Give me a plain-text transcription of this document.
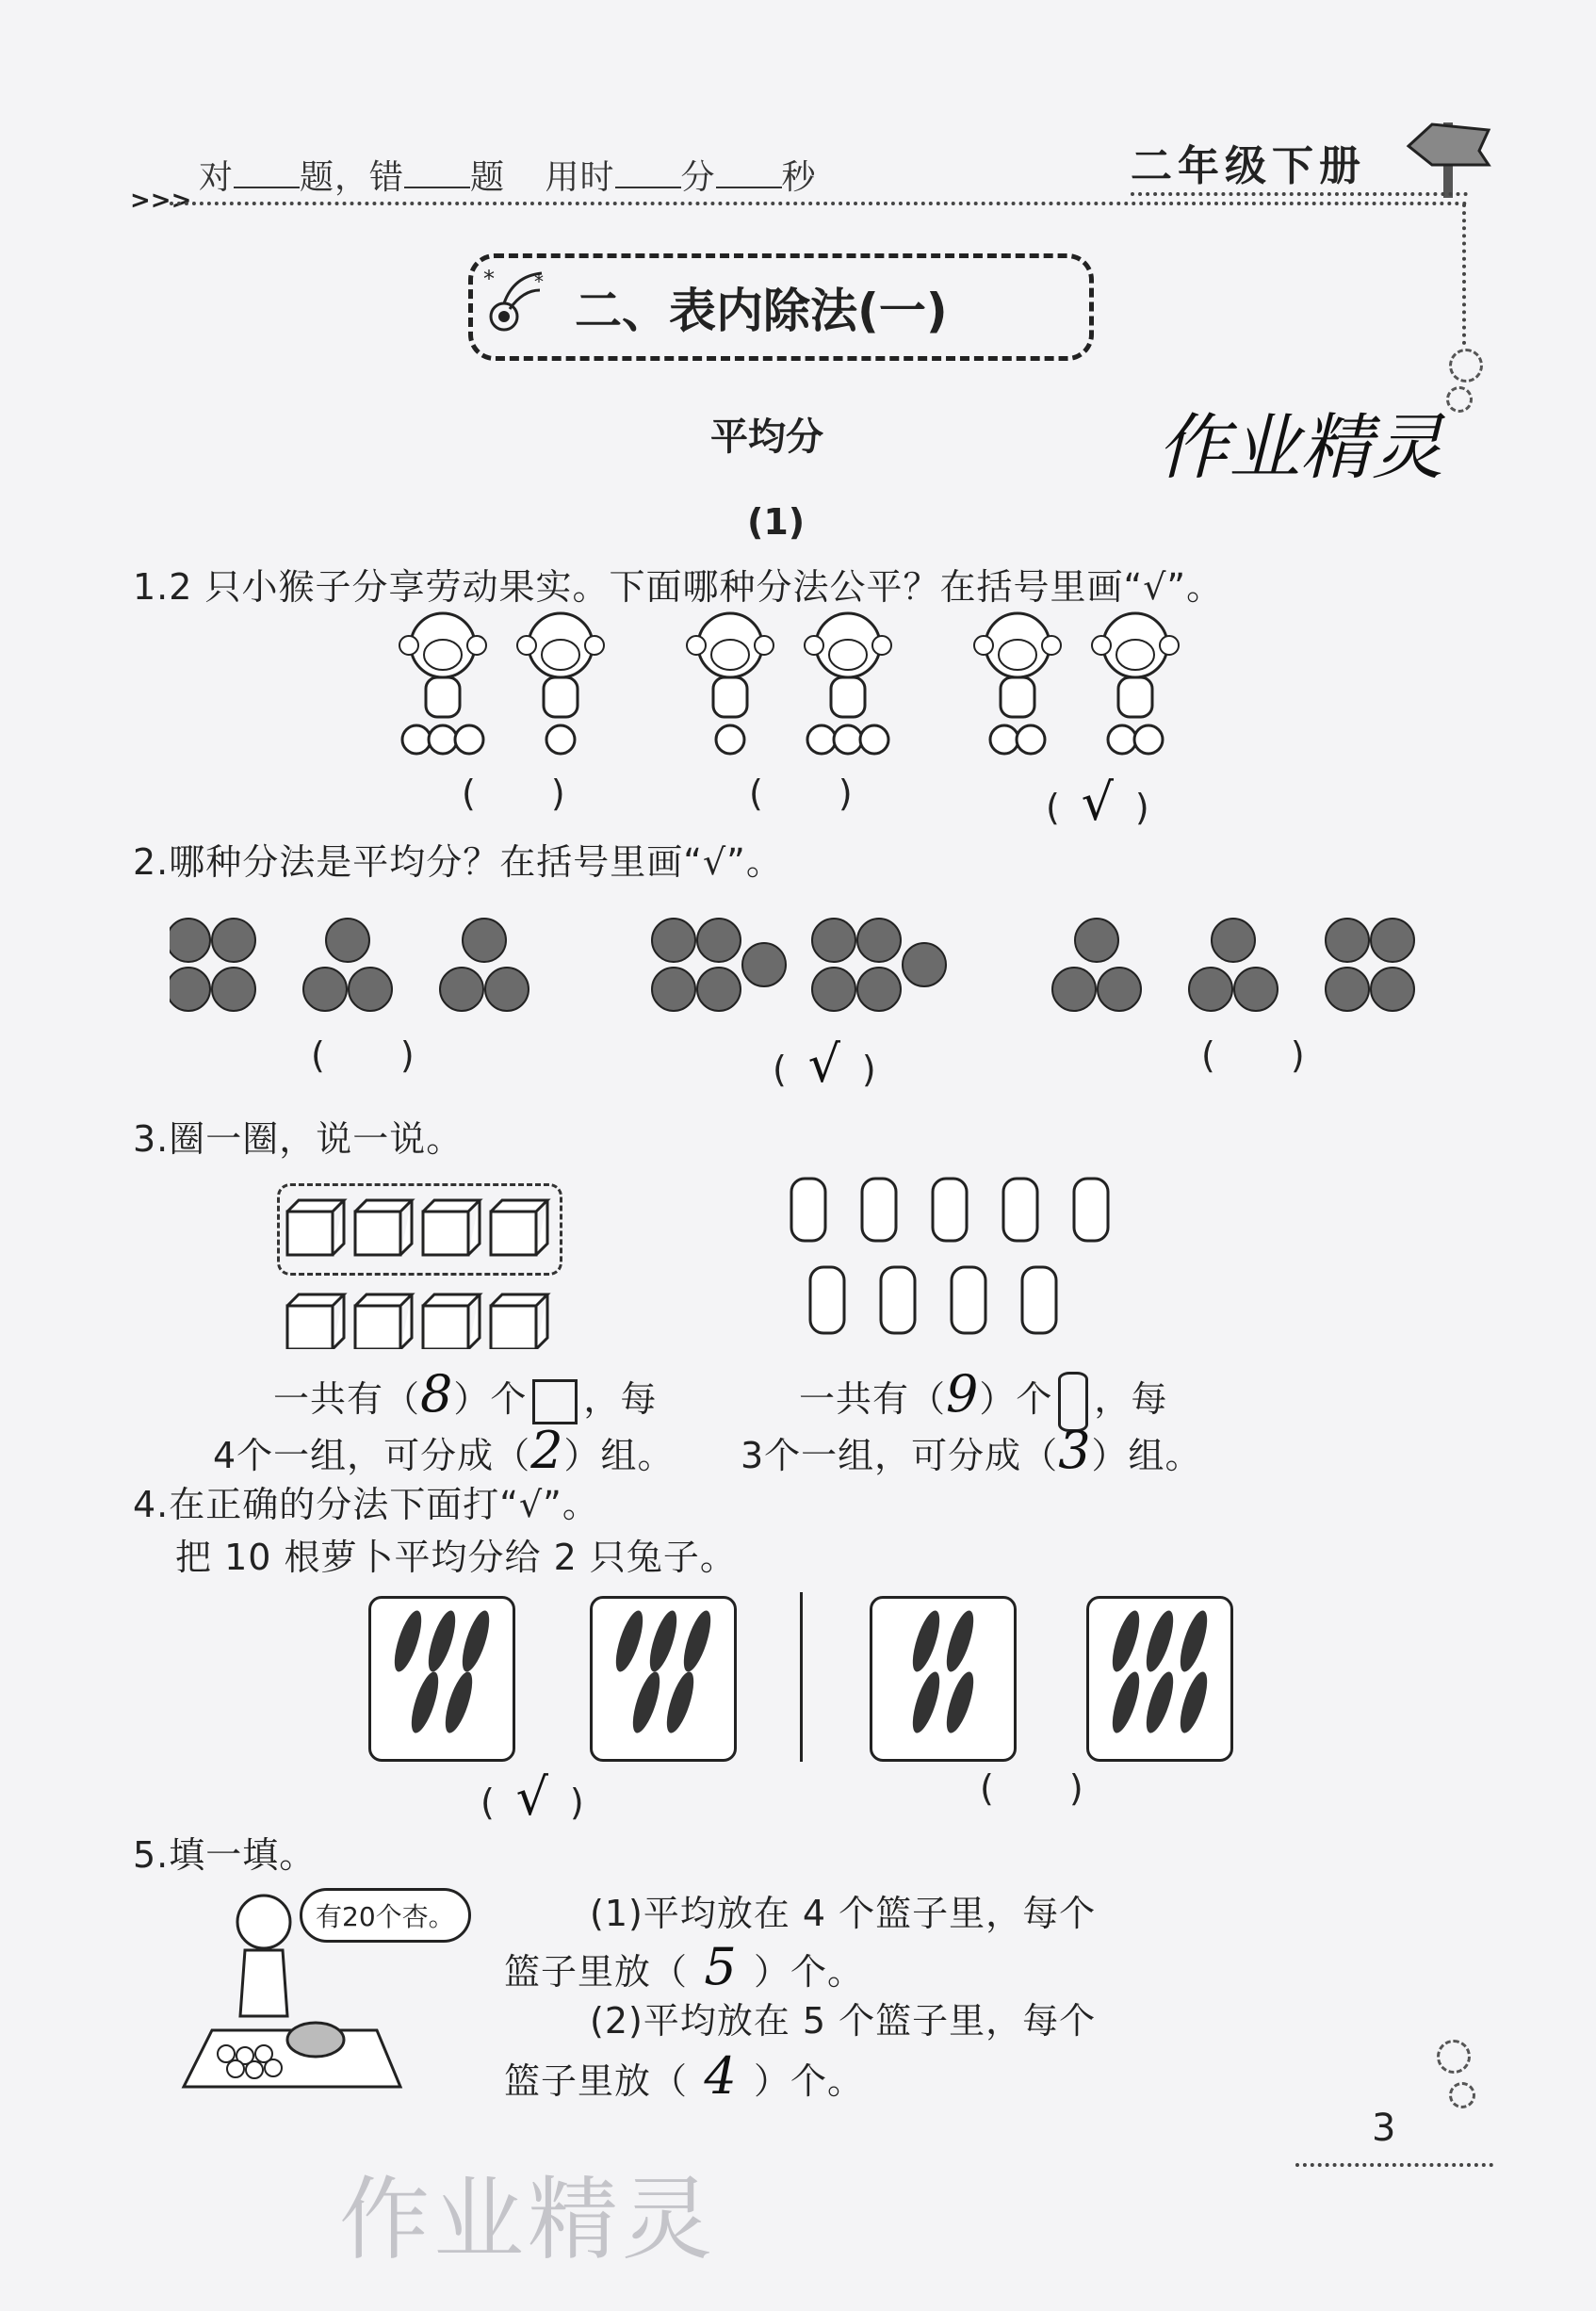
对 题，错 题 用时 分 秒	二年级下册
>>>
*
*
二、表内除法(一)
平均分	作业精灵
(1)
1.2 只小猴子分享劳动果实。下面哪种分法公平？在括号里画“√”。
( )	( )	( √ )
2.哪种分法是平均分？在括号里画“√”。
( )	( √ )	( )
3.圈一圈，说一说。
一共有（8）个 ，每
4个一组，可分成（2）组。
一共有（9）个 ，每
3个一组，可分成（3）组。
4.在正确的分法下面打“√”。
把 10 根萝卜平均分给 2 只兔子。
( √ )	( )
5.填一填。
有20个杏。	(1)平均放在 4 个篮子里，每个
篮子里放（ 5 ）个。
(2)平均放在 5 个篮子里，每个
篮子里放（ 4 ）个。
3
作业精灵
